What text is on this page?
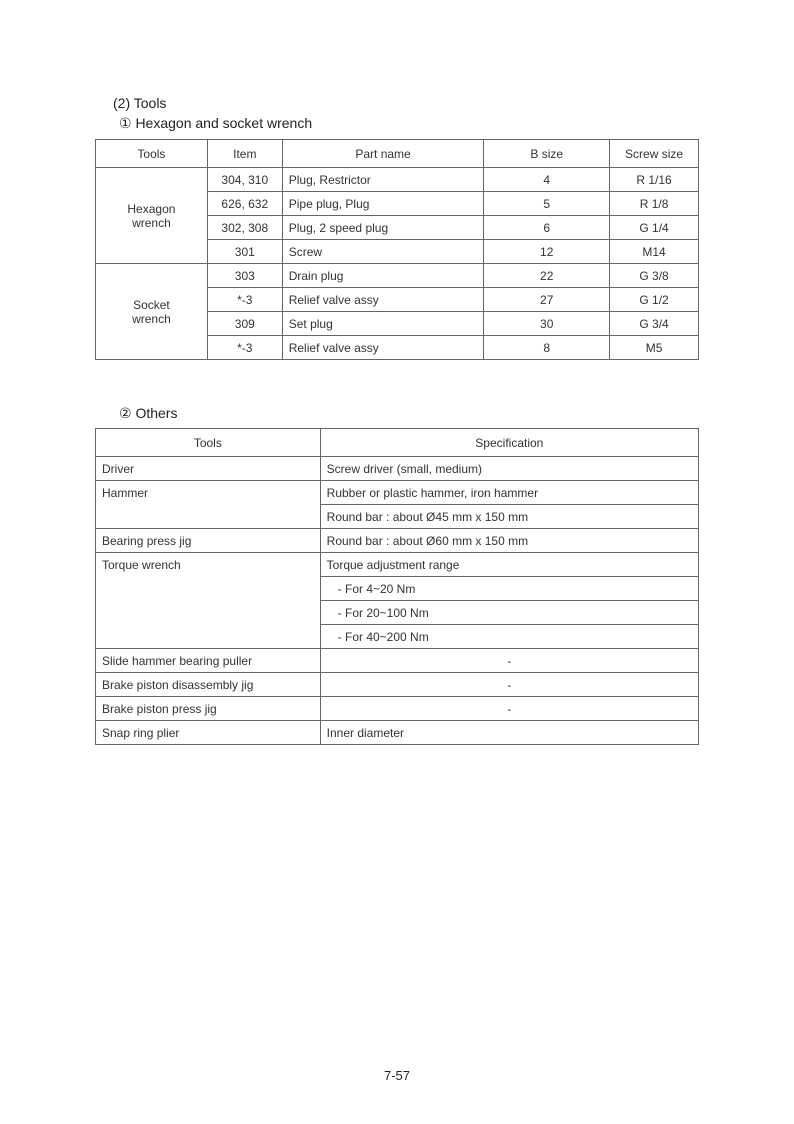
(2) Tools
① Hexagon and socket wrench
Tools	Item	Part name	B size	Screw size

Hexagon
wrench	304, 310	Plug, Restrictor	4	R 1/16
	626, 632	Pipe plug, Plug	5	R 1/8
	302, 308	Plug, 2 speed plug	6	G 1/4
	301	Screw	12	M14

Socket
wrench	303	Drain plug	22	G 3/8
	*-3	Relief valve assy	27	G 1/2
	309	Set plug	30	G 3/4
	*-3	Relief valve assy	8	M5
② Others
Tools	Specification
Driver	Screw driver (small, medium)
Hammer	Rubber or plastic hammer, iron hammer
	Round bar : about Ø45 mm x 150 mm
Bearing press jig	Round bar : about Ø60 mm x 150 mm
Torque wrench	Torque adjustment range
	- For 4~20 Nm
	- For 20~100 Nm
	- For 40~200 Nm
Slide hammer bearing puller	-
Brake piston disassembly jig	-
Brake piston press jig	-
Snap ring plier	Inner diameter
7-57
